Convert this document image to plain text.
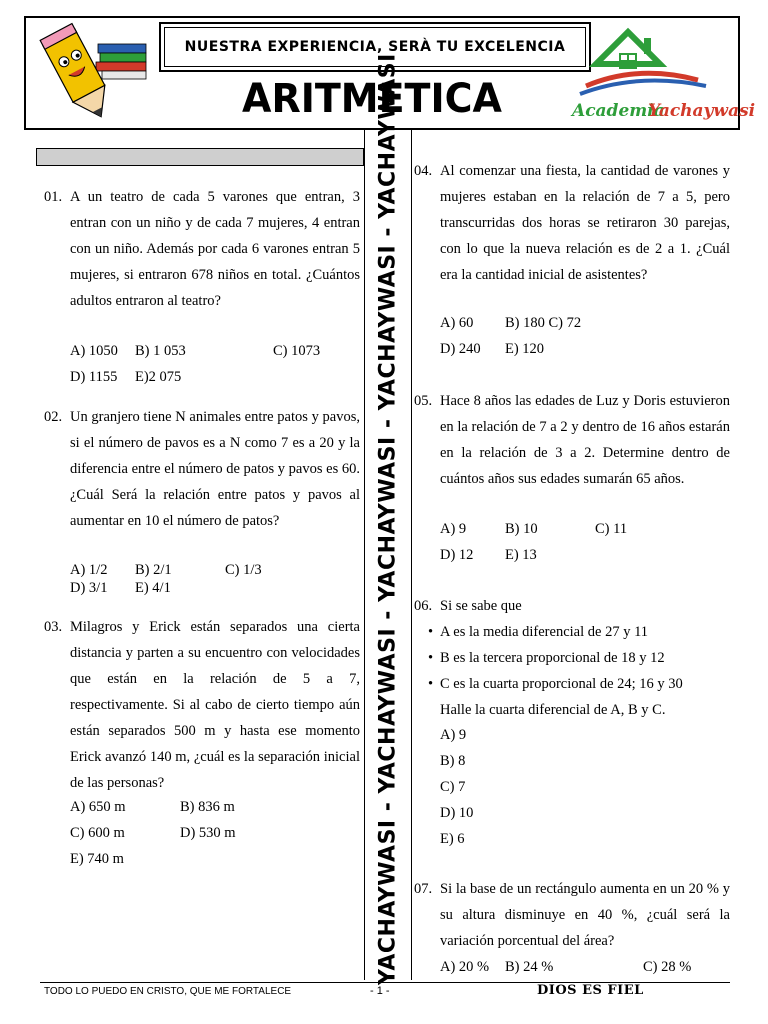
NUESTRA EXPERIENCIA, SERÀ TU EXCELENCIA
ARITMETICA	Academia
Yachaywasi
YACHAYWASI - YACHAYWASI - YACHAYWASI - YACHAYWASI - YACHAYWASI
01. A un teatro de cada 5 varones que entran, 3 entran con un niño y de cada 7 mujeres, 4 entran con un niño. Además por cada 6 varones entran 5 mujeres, si entraron 678 niños en total. ¿Cuántos adultos entraron al teatro?
A) 1050 B) 1 053	C) 1073
D) 1155 E)2 075
02. Un granjero tiene N animales entre patos y pavos, si el número de pavos es a N como 7 es a 20 y la diferencia entre el número de patos y pavos es 60. ¿Cuál Será la relación entre patos y pavos al aumentar en 10 el número de patos?
A) 1/2 B) 2/1	C) 1/3
D) 3/1 E) 4/1
03. Milagros y Erick están separados una cierta distancia y parten a su encuentro con velocidades que están en la relación de 5 a 7, respectivamente. Si al cabo de cierto tiempo aún están separados 500 m y hasta ese momento Erick avanzó 140 m, ¿cuál es la separación inicial de las personas?
A) 650 m	B) 836 m
C) 600 m	D) 530 m
E) 740 m
04. Al comenzar una fiesta, la cantidad de varones y mujeres estaban en la relación de 7 a 5, pero transcurridas dos horas se retiraron 30 parejas, con lo que la nueva relación es de 2 a 1. ¿Cuál era la cantidad inicial de asistentes?
A) 60 B) 180 C) 72
D) 240 E) 120
05. Hace 8 años las edades de Luz y Doris estuvieron en la relación de 7 a 2 y dentro de 16 años estarán en la relación de 3 a 2. Determine dentro de cuántos años sus edades sumarán 65 años.
A) 9	B) 10	C) 11
D) 12 E) 13
06. Si se sabe que
• A es la media diferencial de 27 y 11
• B es la tercera proporcional de 18 y 12
• C es la cuarta proporcional de 24; 16 y 30
Halle la cuarta diferencial de A, B y C.
A) 9
B) 8
C) 7
D) 10
E) 6
07. Si la base de un rectángulo aumenta en un 20 % y su altura disminuye en 40 %, ¿cuál será la variación porcentual del área?
A) 20 % B) 24 %	C) 28 %
TODO LO PUEDO EN CRISTO, QUE ME FORTALECE	- 1 -	DIOS ES FIEL
